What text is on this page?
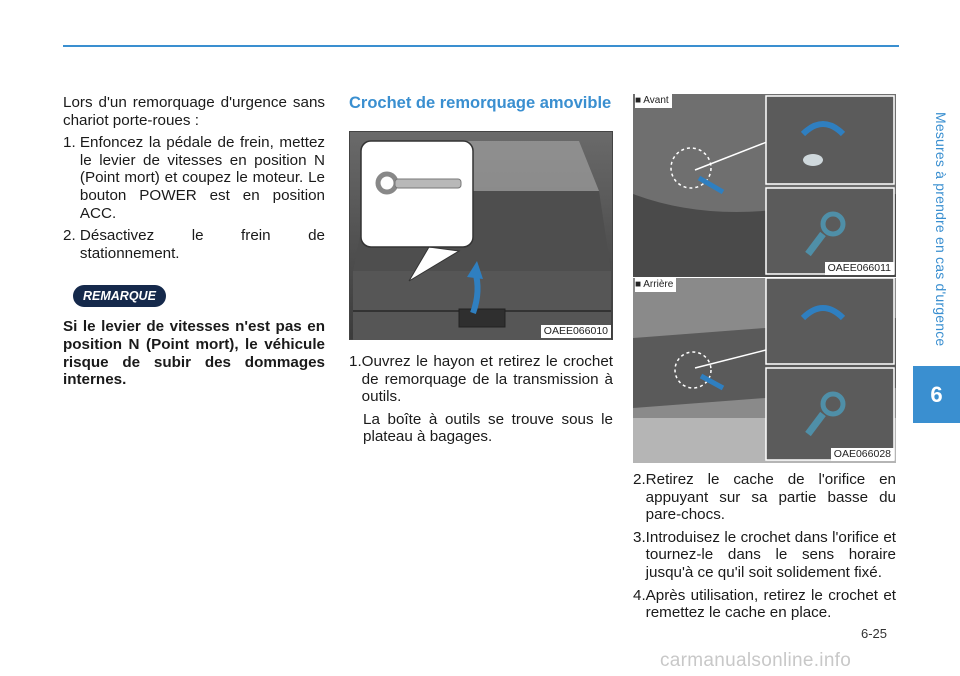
Lors d'un remorquage d'urgence sans chariot porte-roues :

1.
Enfoncez la pédale de frein, mettez le levier de vitesses en position N (Point mort) et coupez le moteur. Le bouton POWER est en position ACC.
2.
Désactivez le frein de stationnement.
REMARQUE

Si le levier de vitesses n'est pas en position N (Point mort), le véhicule risque de subir des dommages internes.

Crochet de remorquage amovible
OAEE066010
1. Ouvrez le hayon et retirez le crochet de remorquage de la transmission à outils.

La boîte à outils se trouve sous le plateau à bagages.

■ Avant
OAEE066011
■ Arrière
OAE066028
2. Retirez le cache de l'orifice en appuyant sur sa partie basse du pare-chocs.
3. Introduisez le crochet dans l'orifice et tournez-le dans le sens horaire jusqu'à ce qu'il soit solidement fixé.
4. Après utilisation, retirez le crochet et remettez le cache en place.
Mesures à prendre en cas d'urgence
6
6-25
carmanualsonline.info
